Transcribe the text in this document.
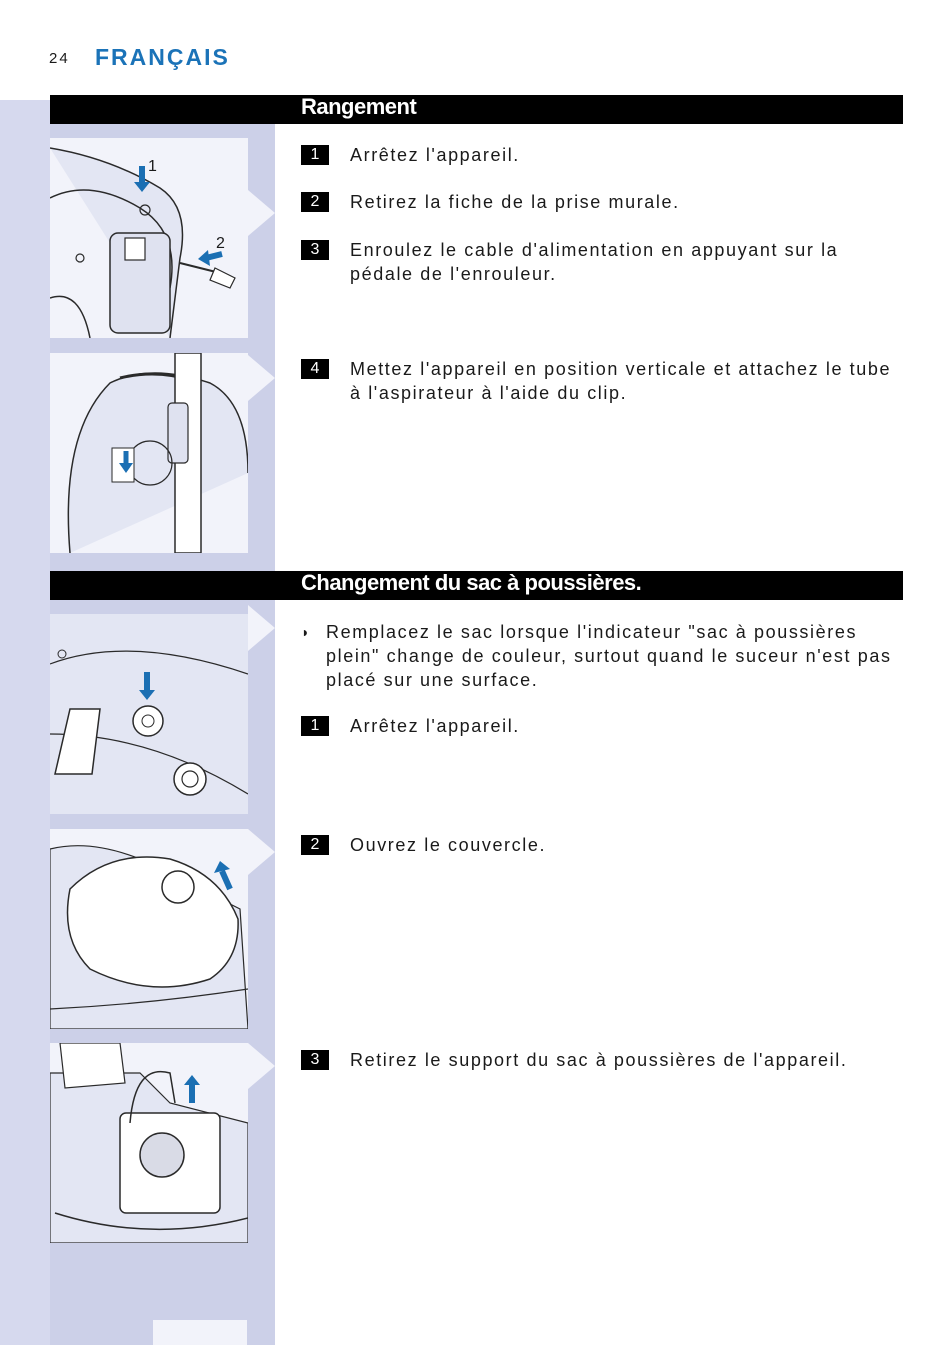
24 FRANÇAIS
Rangement
1
2
1	Arrêtez l'appareil.
2	Retirez la fiche de la prise murale.
3	Enroulez le cable d'alimentation en appuyant sur la pédale de l'enrouleur.
4	Mettez l'appareil en position verticale et attachez le tube à l'aspirateur à l'aide du clip.
Changement du sac à poussières.
◗ Remplacez le sac lorsque l'indicateur "sac à poussières plein" change de couleur, surtout quand le suceur n'est pas placé sur une surface.
1	Arrêtez l'appareil.
2	Ouvrez le couvercle.
3	Retirez le support du sac à poussières de l'appareil.
